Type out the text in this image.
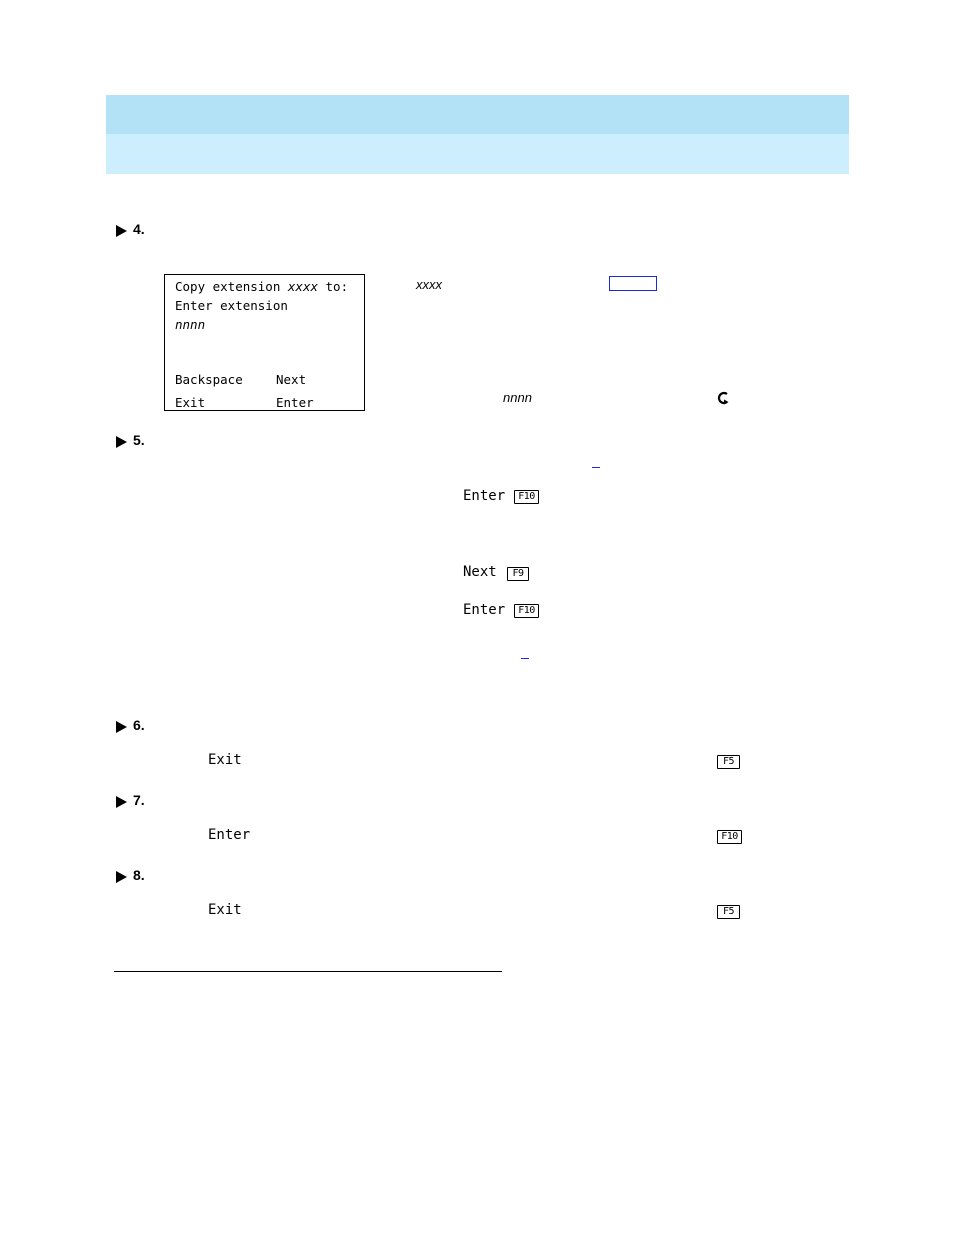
4.
5.
6.
7.
8.
Copy extension xxxx to:
Enter extension
nnnn
Backspace	Next
Exit	Enter
xxxx
nnnn
Enter	F10
Next	F9
Enter	F10
Exit	F5
Enter	F10
Exit	F5
